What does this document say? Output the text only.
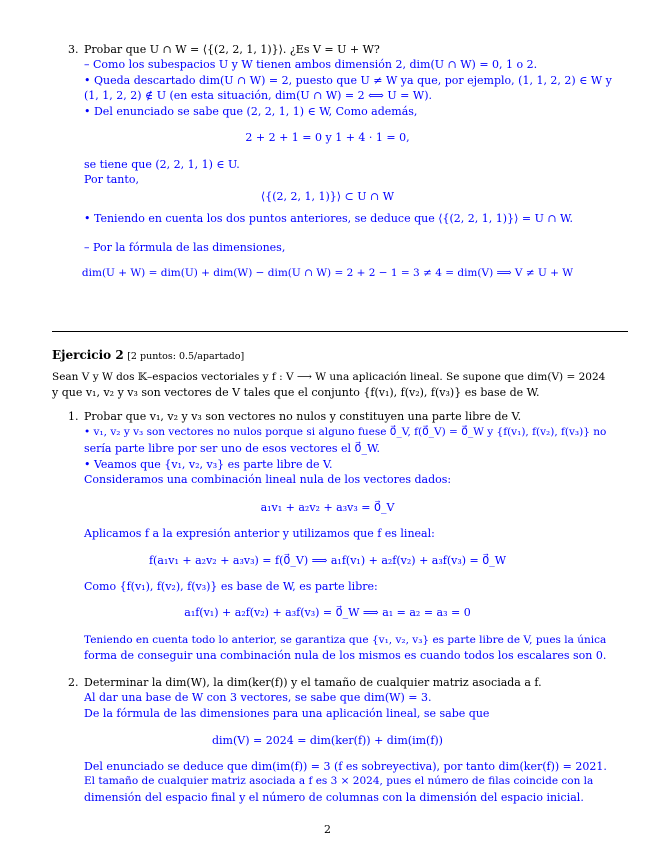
3. Probar que U ∩ W = ⟨{(2, 2, 1, 1)}⟩. ¿Es V = U + W?
– Como los subespacios U y W tienen ambos dimensión 2, dim(U ∩ W) = 0, 1 o 2.
• Queda descartado dim(U ∩ W) = 2, puesto que U ≠ W ya que, por ejemplo, (1, 1, 2, 2) ∈ W y
(1, 1, 2, 2) ∉ U (en esta situación, dim(U ∩ W) = 2 ⟺ U = W).
• Del enunciado se sabe que (2, 2, 1, 1) ∈ W, Como además,
2 + 2 + 1 = 0 y 1 + 4 · 1 = 0,
se tiene que (2, 2, 1, 1) ∈ U.
Por tanto,
⟨{(2, 2, 1, 1)}⟩ ⊂ U ∩ W
• Teniendo en cuenta los dos puntos anteriores, se deduce que ⟨{(2, 2, 1, 1)}⟩ = U ∩ W.
– Por la fórmula de las dimensiones,
dim(U + W) = dim(U) + dim(W) − dim(U ∩ W) = 2 + 2 − 1 = 3 ≠ 4 = dim(V) ⟹ V ≠ U + W
Ejercicio 2 [2 puntos: 0.5/apartado]
Sean V y W dos 𝕂–espacios vectoriales y f : V ⟶ W una aplicación lineal. Se supone que dim(V) = 2024
y que v₁, v₂ y v₃ son vectores de V tales que el conjunto {f(v₁), f(v₂), f(v₃)} es base de W.
1. Probar que v₁, v₂ y v₃ son vectores no nulos y constituyen una parte libre de V.
• v₁, v₂ y v₃ son vectores no nulos porque si alguno fuese 0⃗_V, f(0⃗_V) = 0⃗_W y {f(v₁), f(v₂), f(v₃)} no
sería parte libre por ser uno de esos vectores el 0⃗_W.
• Veamos que {v₁, v₂, v₃} es parte libre de V.
Consideramos una combinación lineal nula de los vectores dados:
a₁v₁ + a₂v₂ + a₃v₃ = 0⃗_V
Aplicamos f a la expresión anterior y utilizamos que f es lineal:
f(a₁v₁ + a₂v₂ + a₃v₃) = f(0⃗_V) ⟹ a₁f(v₁) + a₂f(v₂) + a₃f(v₃) = 0⃗_W
Como {f(v₁), f(v₂), f(v₃)} es base de W, es parte libre:
a₁f(v₁) + a₂f(v₂) + a₃f(v₃) = 0⃗_W ⟹ a₁ = a₂ = a₃ = 0
Teniendo en cuenta todo lo anterior, se garantiza que {v₁, v₂, v₃} es parte libre de V, pues la única
forma de conseguir una combinación nula de los mismos es cuando todos los escalares son 0.
2. Determinar la dim(W), la dim(ker(f)) y el tamaño de cualquier matriz asociada a f.
Al dar una base de W con 3 vectores, se sabe que dim(W) = 3.
De la fórmula de las dimensiones para una aplicación lineal, se sabe que
dim(V) = 2024 = dim(ker(f)) + dim(im(f))
Del enunciado se deduce que dim(im(f)) = 3 (f es sobreyectiva), por tanto dim(ker(f)) = 2021.
El tamaño de cualquier matriz asociada a f es 3 × 2024, pues el número de filas coincide con la
dimensión del espacio final y el número de columnas con la dimensión del espacio inicial.
2
